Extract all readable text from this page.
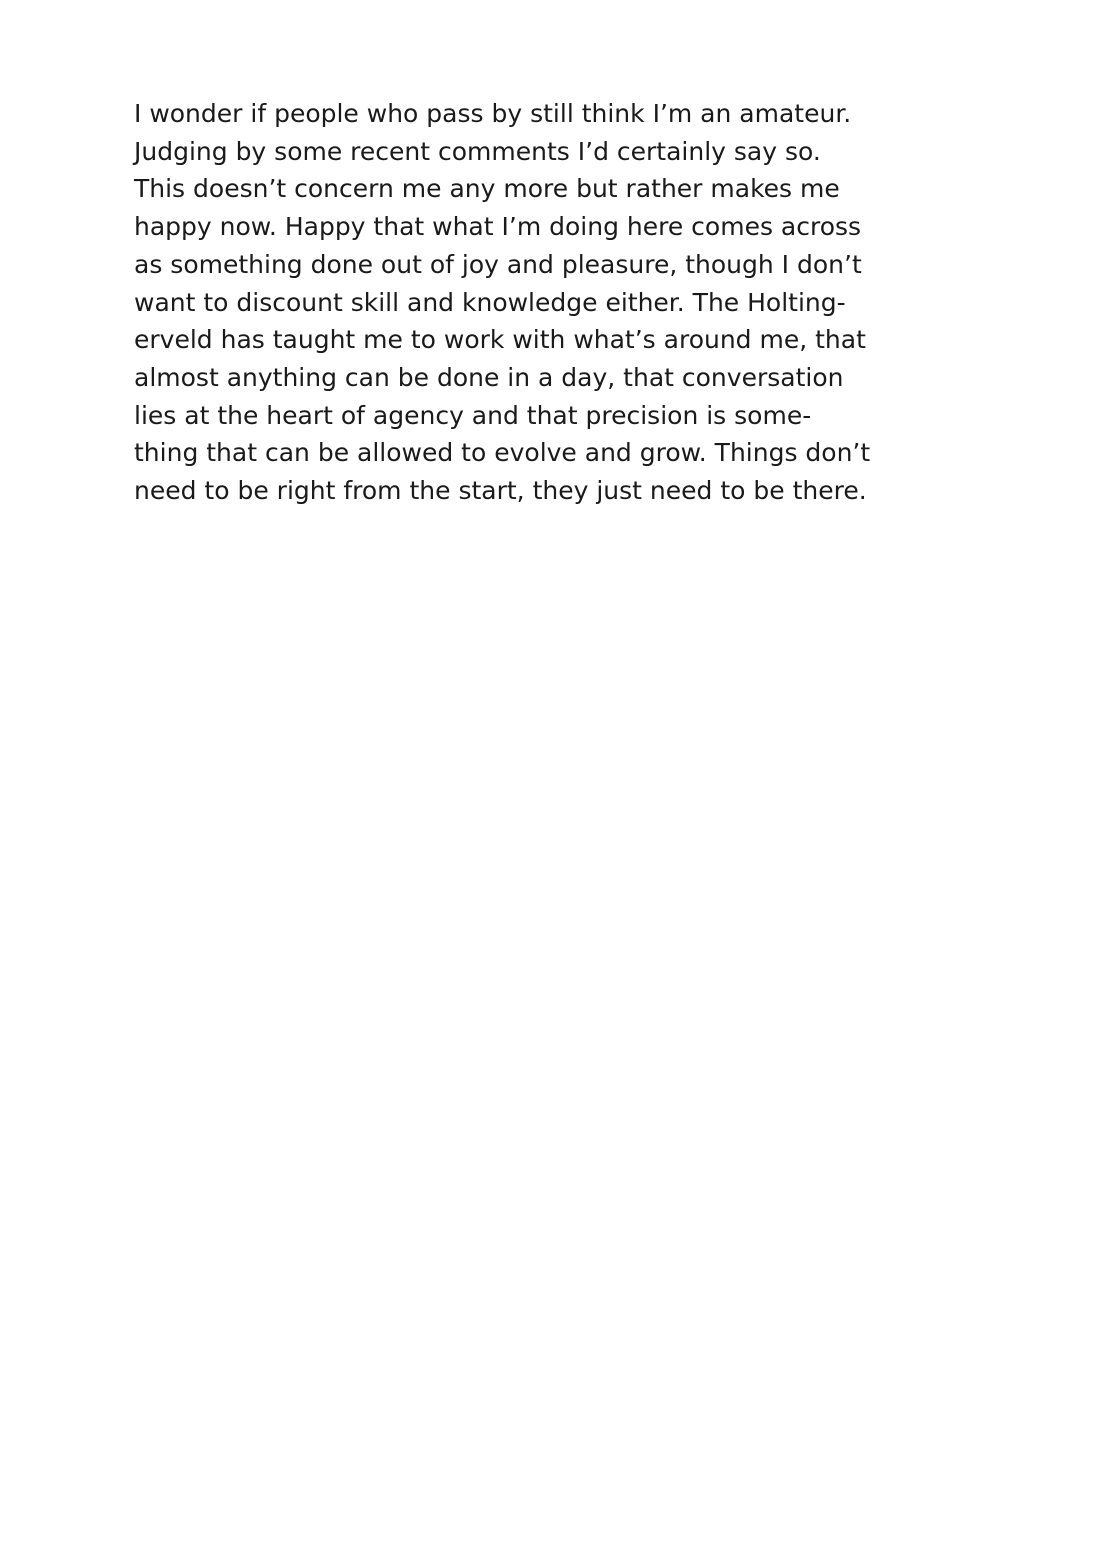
I wonder if people who pass by still think I’m an amateur.
Judging by some recent comments I’d certainly say so.
This doesn’t concern me any more but rather makes me
happy now. Happy that what I’m doing here comes across
as something done out of joy and pleasure, though I don’t
want to discount skill and knowledge either. The Holting-
erveld has taught me to work with what’s around me, that
almost anything can be done in a day, that conversation
lies at the heart of agency and that precision is some-
thing that can be allowed to evolve and grow. Things don’t
need to be right from the start, they just need to be there.
